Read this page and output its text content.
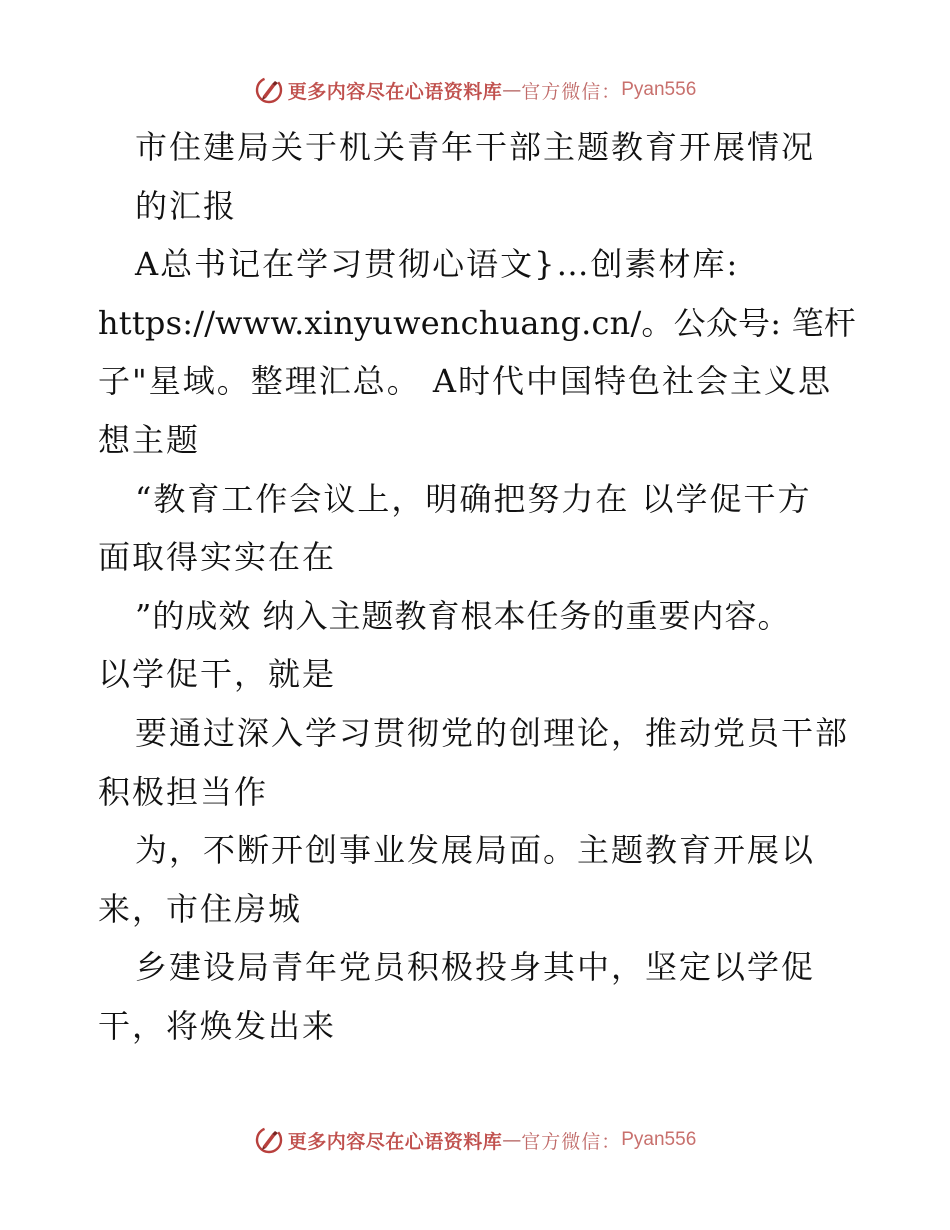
更多内容尽在心语资料库 — 官方微信： Pyan556
市住建局关于机关青年干部主题教育开展情况
的汇报
A总书记在学习贯彻心语文}…创素材库:
https://www.xinyuwenchuang.cn/。公众号: 笔杆
子"星域。整理汇总。 A时代中国特色社会主义思
想主题
“教育工作会议上，明确把努力在 以学促干方
面取得实实在在
”的成效 纳入主题教育根本任务的重要内容。
以学促干，就是
要通过深入学习贯彻党的创理论，推动党员干部
积极担当作
为，不断开创事业发展局面。主题教育开展以
来，市住房城
乡建设局青年党员积极投身其中，坚定以学促
干，将焕发出来
更多内容尽在心语资料库 — 官方微信： Pyan556
